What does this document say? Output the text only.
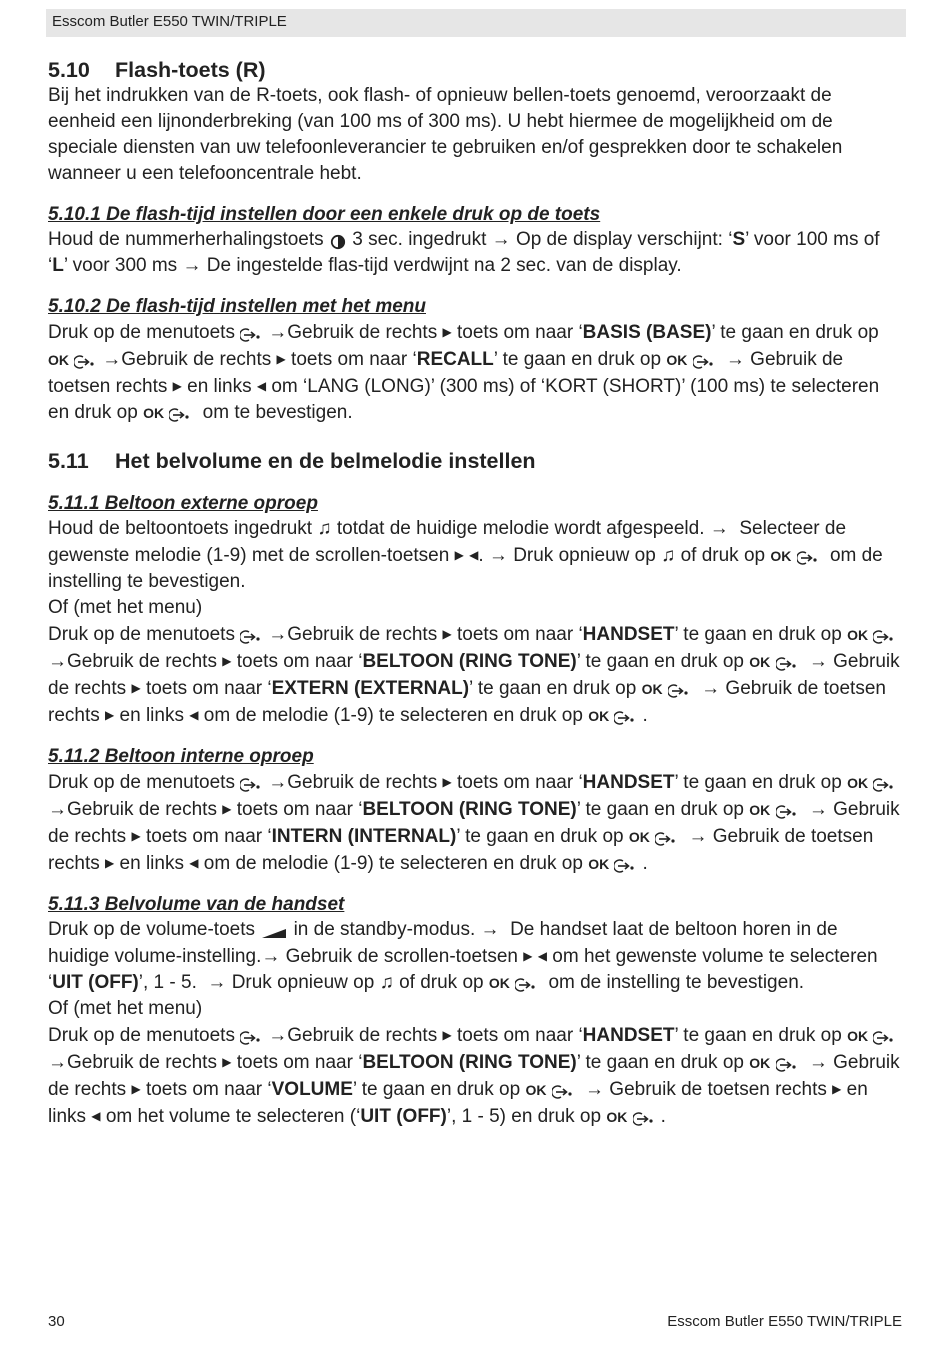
Esscom Butler E550 TWIN/TRIPLE

5.10 Flash-toets (R)

Bij het indrukken van de R-toets, ook flash- of opnieuw bellen-toets genoemd, veroorzaakt de eenheid een lijnonderbreking (van 100 ms of 300 ms). U hebt hiermee de mogelijkheid om de speciale diensten van uw telefoonleverancier te gebruiken en/of gesprekken door te schakelen wanneer u een telefooncentrale hebt.

5.10.1 De flash-tijd instellen door een enkele druk op de toets

Houd de nummerherhalingstoets 3 sec. ingedrukt → Op de display verschijnt: ‘S’ voor 100 ms of ‘L’ voor 300 ms → De ingestelde flas-tijd verdwijnt na 2 sec. van de display.

5.10.2 De flash-tijd instellen met het menu

Druk op de menutoets →Gebruik de rechts ▶ toets om naar ‘BASIS (BASE)’ te gaan en druk op OK →Gebruik de rechts ▶ toets om naar ‘RECALL’ te gaan en druk op OK → Gebruik de toetsen rechts ▶ en links ◀ om ‘LANG (LONG)’ (300 ms) of ‘KORT (SHORT)’ (100 ms) te selecteren en druk op OK om te bevestigen.

5.11 Het belvolume en de belmelodie instellen

5.11.1 Beltoon externe oproep

Houd de beltoontoets ingedrukt ♫ totdat de huidige melodie wordt afgespeeld. → Selecteer de gewenste melodie (1-9) met de scrollen-toetsen ▶ ◀. → Druk opnieuw op ♫ of druk op OK om de instelling te bevestigen.

Of (met het menu)

Druk op de menutoets →Gebruik de rechts ▶ toets om naar ‘HANDSET’ te gaan en druk op OK →Gebruik de rechts ▶ toets om naar ‘BELTOON (RING TONE)’ te gaan en druk op OK → Gebruik de rechts ▶ toets om naar ‘EXTERN (EXTERNAL)’ te gaan en druk op OK → Gebruik de toetsen rechts ▶ en links ◀ om de melodie (1-9) te selecteren en druk op OK .

5.11.2 Beltoon interne oproep

Druk op de menutoets →Gebruik de rechts ▶ toets om naar ‘HANDSET’ te gaan en druk op OK →Gebruik de rechts ▶ toets om naar ‘BELTOON (RING TONE)’ te gaan en druk op OK → Gebruik de rechts ▶ toets om naar ‘INTERN (INTERNAL)’ te gaan en druk op OK → Gebruik de toetsen rechts ▶ en links ◀ om de melodie (1-9) te selecteren en druk op OK .

5.11.3 Belvolume van de handset

Druk op de volume-toets in de standby-modus. → De handset laat de beltoon horen in de huidige volume-instelling.→ Gebruik de scrollen-toetsen ▶ ◀ om het gewenste volume te selecteren ‘UIT (OFF)’, 1 - 5. → Druk opnieuw op ♫ of druk op OK om de instelling te bevestigen.

Of (met het menu)

Druk op de menutoets →Gebruik de rechts ▶ toets om naar ‘HANDSET’ te gaan en druk op OK →Gebruik de rechts ▶ toets om naar ‘BELTOON (RING TONE)’ te gaan en druk op OK → Gebruik de rechts ▶ toets om naar ‘VOLUME’ te gaan en druk op OK → Gebruik de toetsen rechts ▶ en links ◀ om het volume te selecteren (‘UIT (OFF)’, 1 - 5) en druk op OK .

30	Esscom Butler E550 TWIN/TRIPLE
